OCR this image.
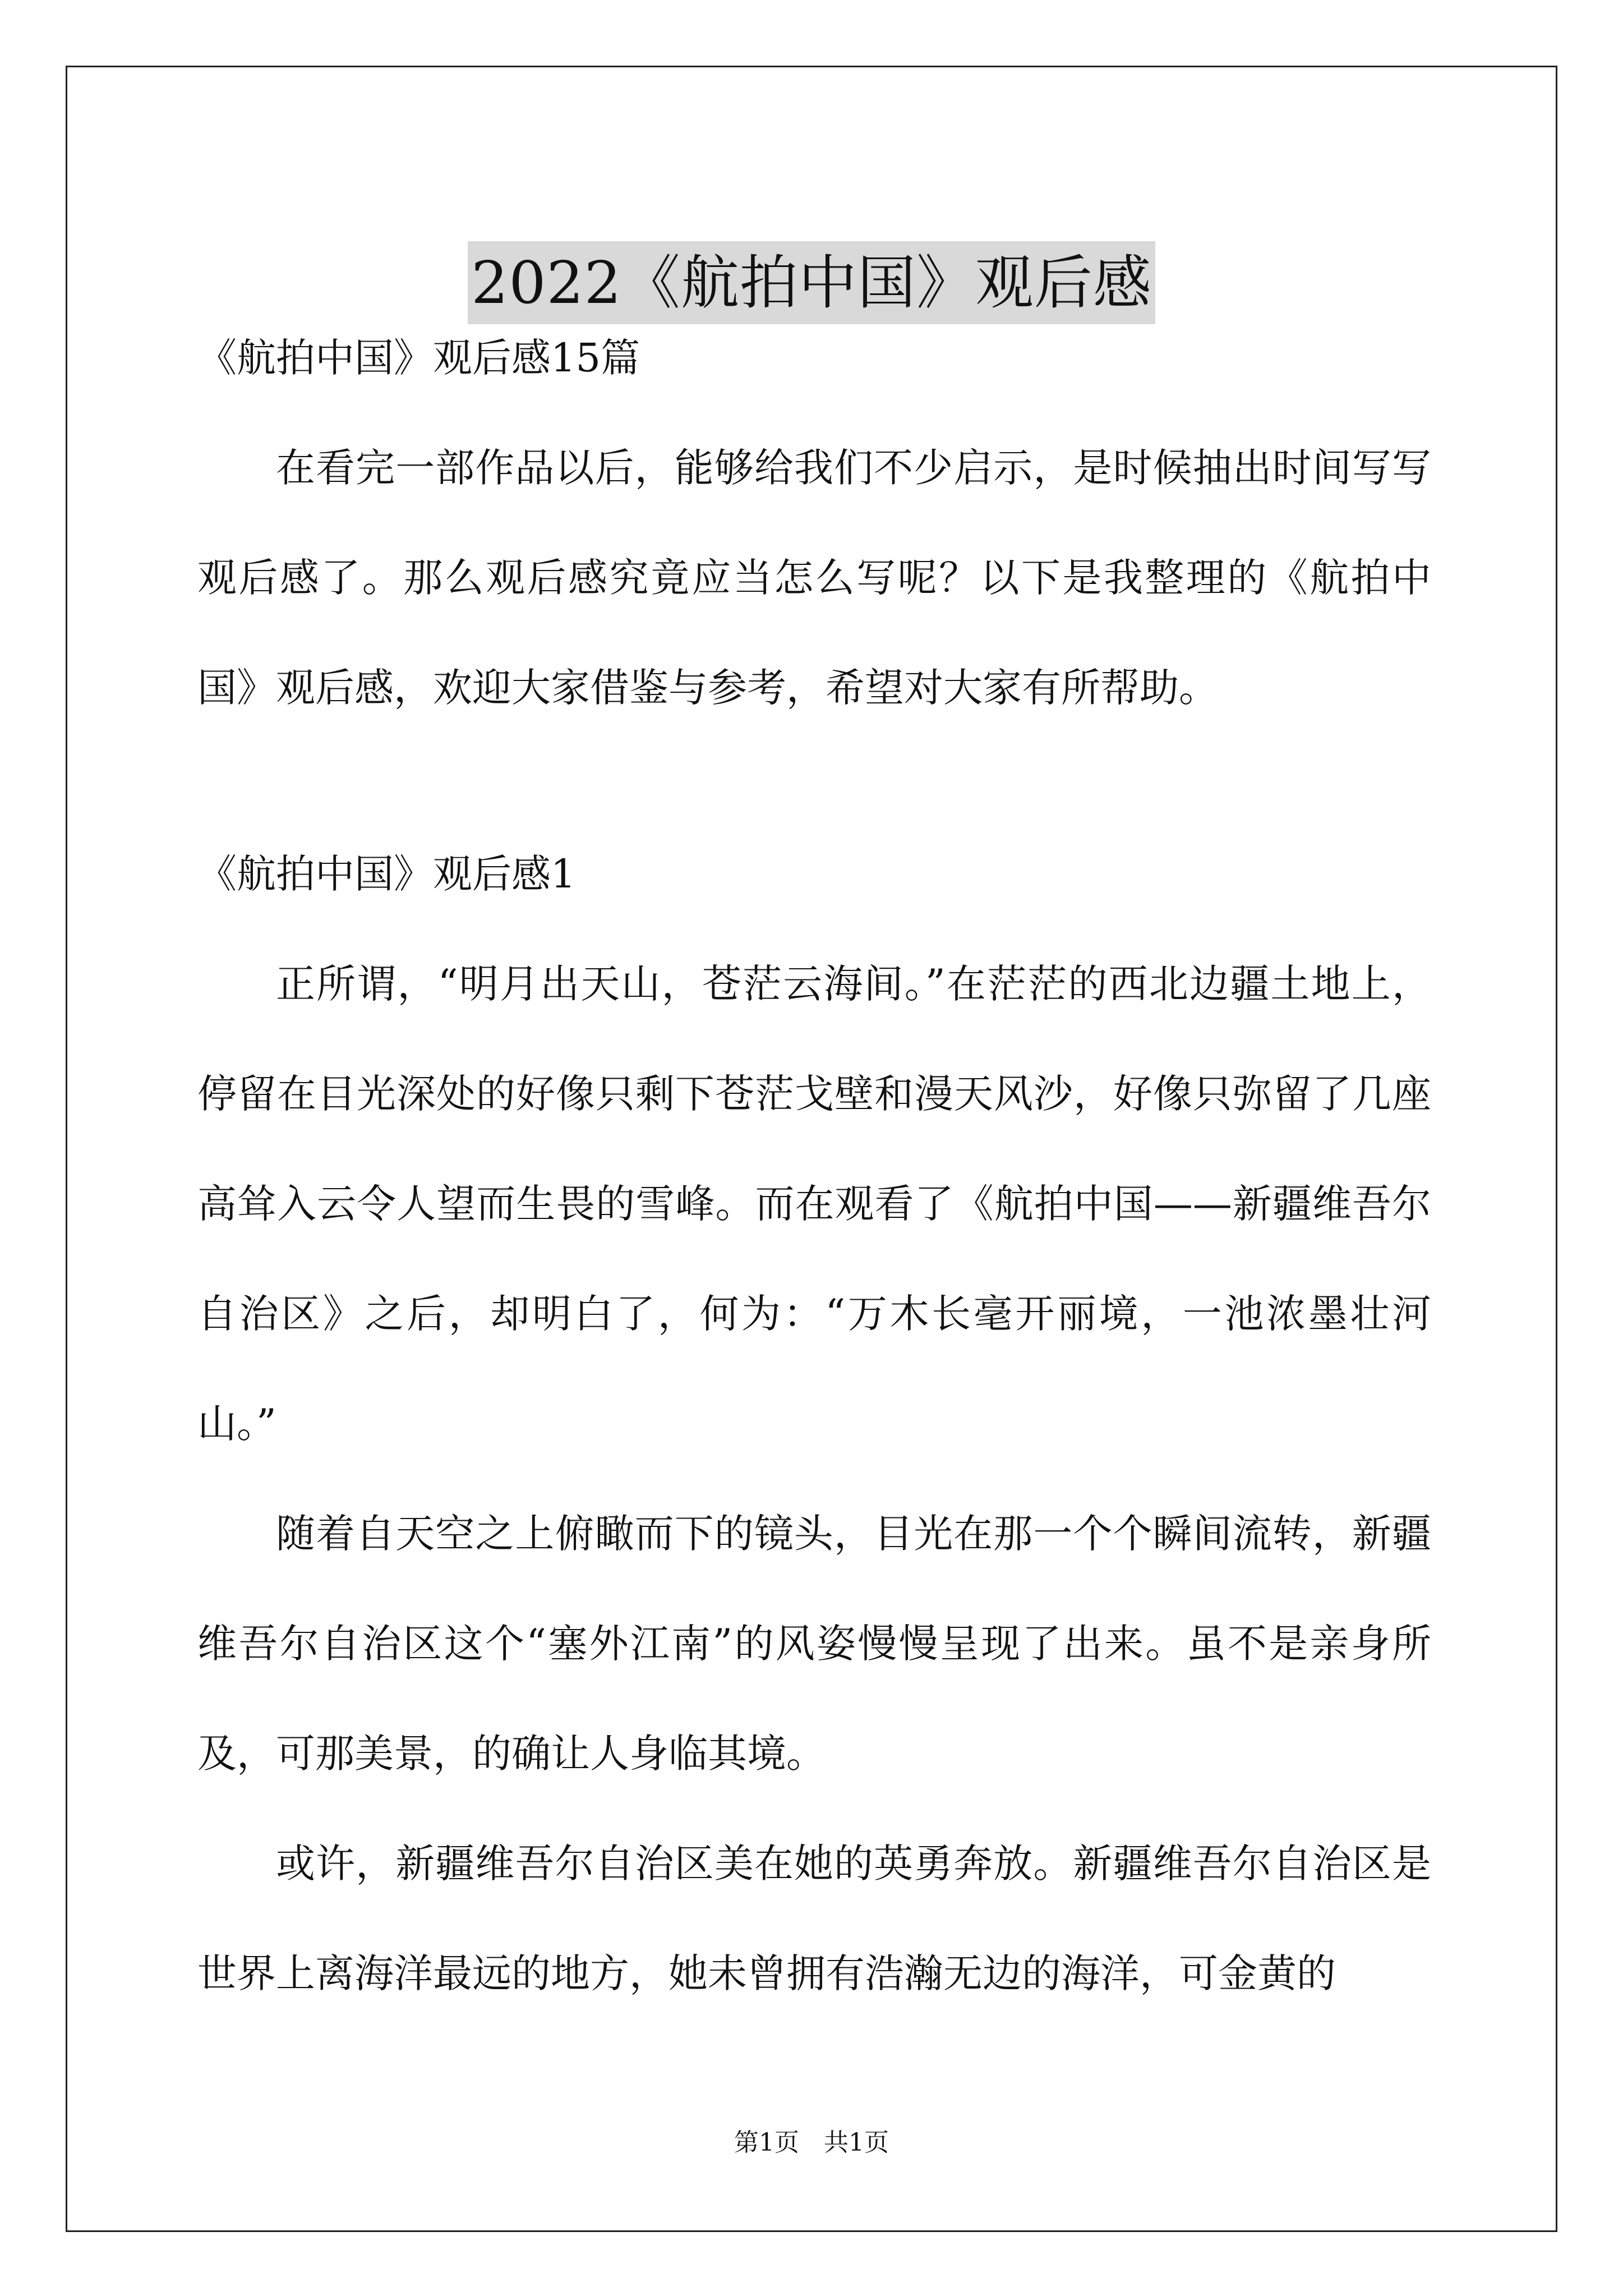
2022《航拍中国》观后感

《航拍中国》观后感15篇

在看完一部作品以后，能够给我们不少启示，是时候抽出时间写写观后感了。那么观后感究竟应当怎么写呢？以下是我整理的《航拍中国》观后感，欢迎大家借鉴与参考，希望对大家有所帮助。

《航拍中国》观后感1

正所谓，“明月出天山，苍茫云海间。”在茫茫的西北边疆土地上，停留在目光深处的好像只剩下苍茫戈壁和漫天风沙，好像只弥留了几座高耸入云令人望而生畏的雪峰。而在观看了《航拍中国——新疆维吾尔自治区》之后，却明白了，何为：“万木长毫开丽境，一池浓墨壮河山。”

随着自天空之上俯瞰而下的镜头，目光在那一个个瞬间流转，新疆维吾尔自治区这个“塞外江南”的风姿慢慢呈现了出来。虽不是亲身所及，可那美景，的确让人身临其境。

或许，新疆维吾尔自治区美在她的英勇奔放。新疆维吾尔自治区是世界上离海洋最远的地方，她未曾拥有浩瀚无边的海洋，可金黄的

第1页　共1页
